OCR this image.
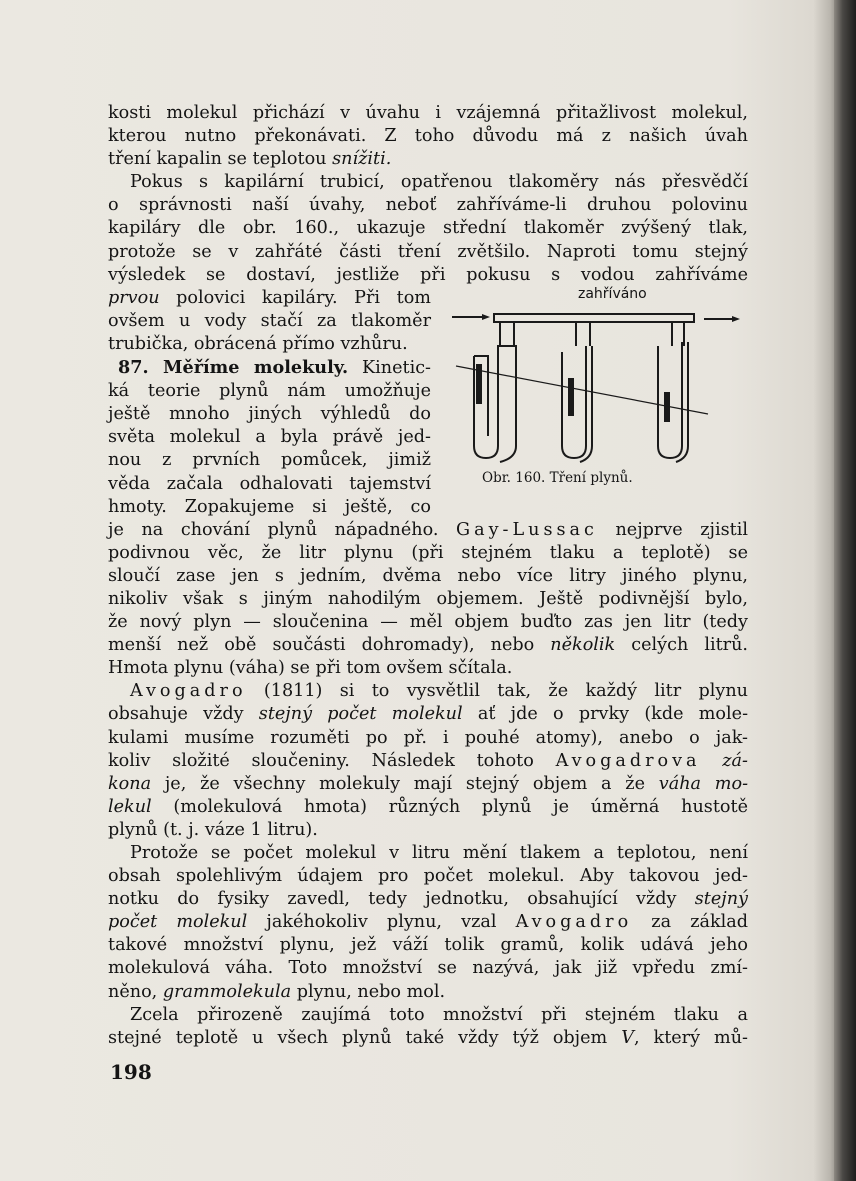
kosti molekul přichází v úvahu i vzájemná přitažlivost molekul,
kterou nutno překonávati. Z toho důvodu má z našich úvah
tření kapalin se teplotou snížiti.

Pokus s kapilární trubicí, opatřenou tlakoměry nás přesvědčí
o správnosti naší úvahy, neboť zahříváme-li druhou polovinu
kapiláry dle obr. 160., ukazuje střední tlakoměr zvýšený tlak,
protože se v zahřáté části tření zvětšilo. Naproti tomu stejný
výsledek se dostaví, jestliže při pokusu s vodou zahříváme
prvou polovici kapiláry. Při tom
ovšem u vody stačí za tlakoměr
trubička, obrácená přímo vzhůru.

87. Měříme molekuly. Kinetic-
ká teorie plynů nám umožňuje
ještě mnoho jiných výhledů do
světa molekul a byla právě jed-
nou z prvních pomůcek, jimiž
věda začala odhalovati tajemství
hmoty. Zopakujeme si ještě, co
je na chování plynů nápadného. Gay-Lussac nejprve zjistil
podivnou věc, že litr plynu (při stejném tlaku a teplotě) se
sloučí zase jen s jedním, dvěma nebo více litry jiného plynu,
nikoliv však s jiným nahodilým objemem. Ještě podivnější bylo,
že nový plyn — sloučenina — měl objem buďto zas jen litr (tedy
menší než obě součásti dohromady), nebo několik celých litrů.
Hmota plynu (váha) se při tom ovšem sčítala.

Avogadro (1811) si to vysvětlil tak, že každý litr plynu
obsahuje vždy stejný počet molekul ať jde o prvky (kde mole-
kulami musíme rozuměti po př. i pouhé atomy), anebo o jak-
koliv složité sloučeniny. Následek tohoto Avogadrova zá-
kona je, že všechny molekuly mají stejný objem a že váha mo-
lekul (molekulová hmota) různých plynů je úměrná hustotě
plynů (t. j. váze 1 litru).

Protože se počet molekul v litru mění tlakem a teplotou, není
obsah spolehlivým údajem pro počet molekul. Aby takovou jed-
notku do fysiky zavedl, tedy jednotku, obsahující vždy stejný
počet molekul jakéhokoliv plynu, vzal Avogadro za základ
takové množství plynu, jež váží tolik gramů, kolik udává jeho
molekulová váha. Toto množství se nazývá, jak již vpředu zmí-
něno, grammolekula plynu, nebo mol.

Zcela přirozeně zaujímá toto množství při stejném tlaku a
stejné teplotě u všech plynů také vždy týž objem V, který mů-

zahříváno
Obr. 160. Tření plynů.
198
